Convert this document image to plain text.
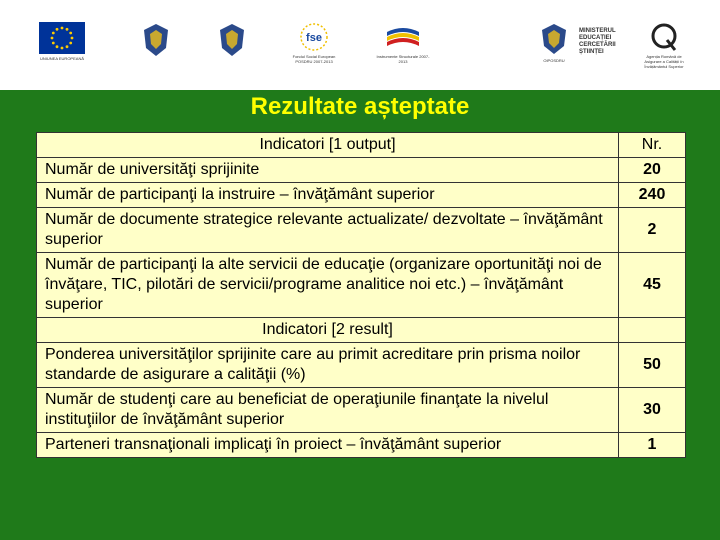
UNIUNEA EUROPEANĂ
fse
Fondul Social European POSDRU 2007-2013
Instrumente Structurale 2007-2013	OIPOSDRU
MINISTERUL EDUCAȚIEI CERCETĂRII ȘTIINȚEI
Agenția Română de Asigurare a Calității în Învățământul Superior
Rezultate așteptate
Indicatori [1 output]	Nr.
Număr de universităţi sprijinite	20
Număr de participanţi la instruire – învăţământ superior	240
Număr de documente strategice relevante actualizate/ dezvoltate – învăţământ superior	2
Număr de participanţi la alte servicii de educaţie (organizare oportunităţi noi de învăţare, TIC, pilotări de servicii/programe analitice noi etc.) – învăţământ superior	45
Indicatori [2 result]	
Ponderea universităţilor sprijinite care au primit acreditare prin prisma noilor standarde de asigurare a calităţii (%)	50
Număr de studenţi care au beneficiat de operaţiunile finanţate la nivelul instituţiilor de învăţământ superior	30
Parteneri transnaţionali implicaţi în proiect – învăţământ superior	1
